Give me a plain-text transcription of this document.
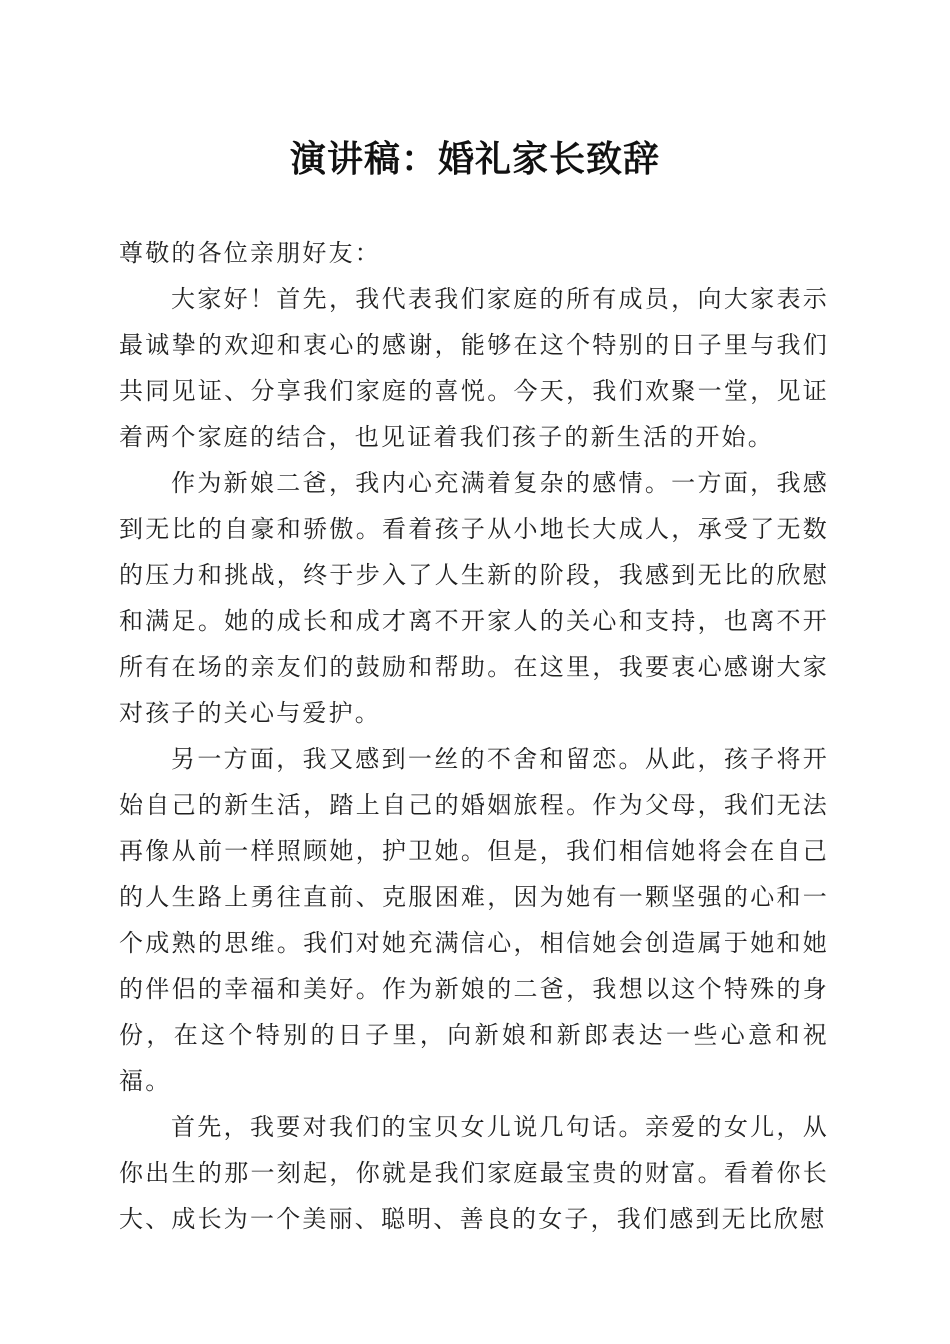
演讲稿：婚礼家长致辞

尊敬的各位亲朋好友：

大家好！首先，我代表我们家庭的所有成员，向大家表示最诚挚的欢迎和衷心的感谢，能够在这个特别的日子里与我们共同见证、分享我们家庭的喜悦。今天，我们欢聚一堂，见证着两个家庭的结合，也见证着我们孩子的新生活的开始。

作为新娘二爸，我内心充满着复杂的感情。一方面，我感到无比的自豪和骄傲。看着孩子从小地长大成人，承受了无数的压力和挑战，终于步入了人生新的阶段，我感到无比的欣慰和满足。她的成长和成才离不开家人的关心和支持，也离不开所有在场的亲友们的鼓励和帮助。在这里，我要衷心感谢大家对孩子的关心与爱护。

另一方面，我又感到一丝的不舍和留恋。从此，孩子将开始自己的新生活，踏上自己的婚姻旅程。作为父母，我们无法再像从前一样照顾她，护卫她。但是，我们相信她将会在自己的人生路上勇往直前、克服困难，因为她有一颗坚强的心和一个成熟的思维。我们对她充满信心，相信她会创造属于她和她的伴侣的幸福和美好。作为新娘的二爸，我想以这个特殊的身份，在这个特别的日子里，向新娘和新郎表达一些心意和祝福。

首先，我要对我们的宝贝女儿说几句话。亲爱的女儿，从你出生的那一刻起，你就是我们家庭最宝贵的财富。看着你长大、成长为一个美丽、聪明、善良的女子，我们感到无比欣慰
